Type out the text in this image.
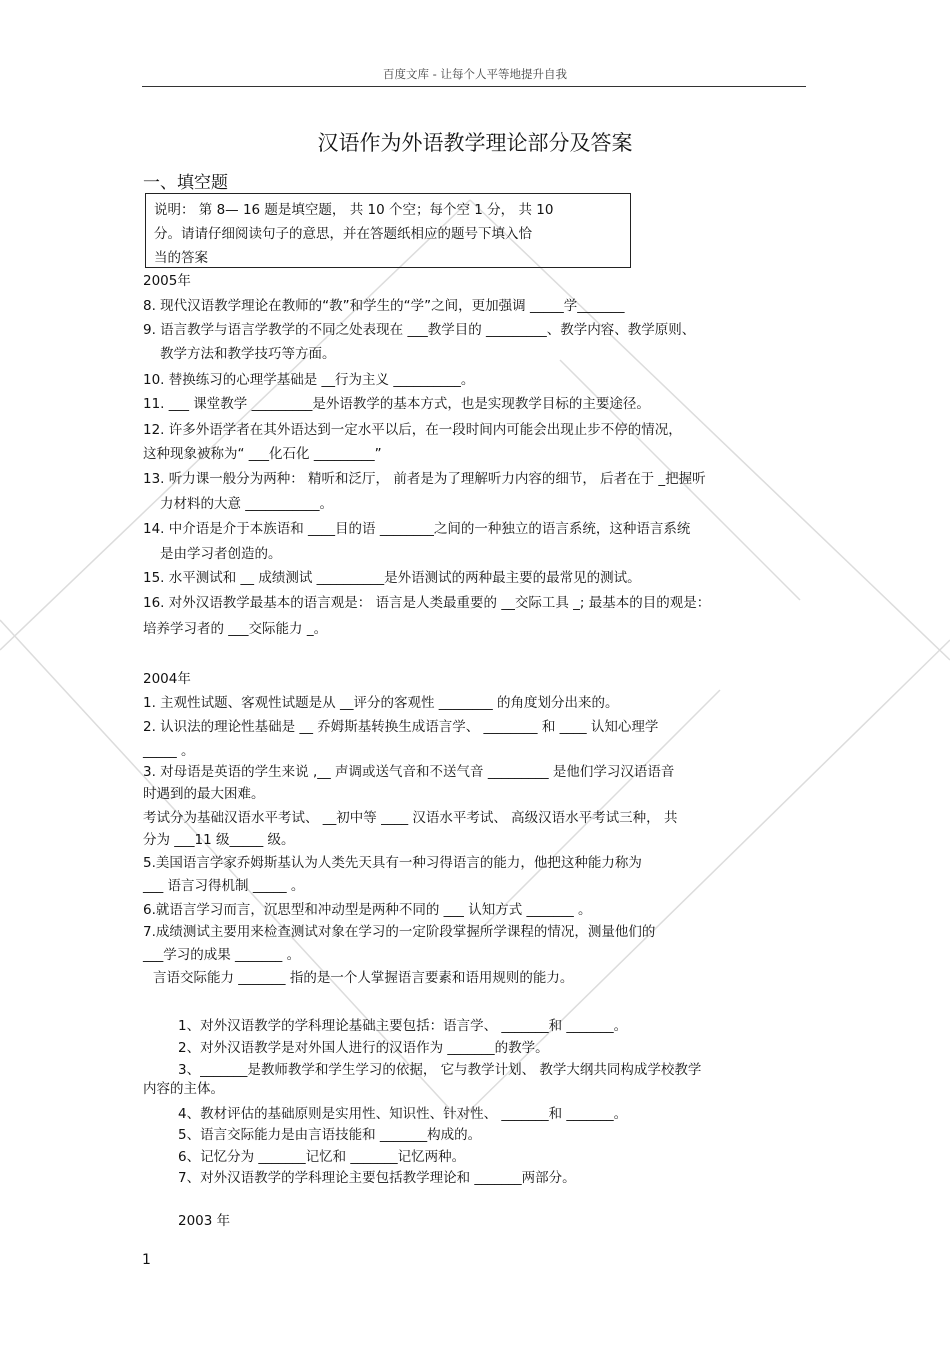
百度文库 - 让每个人平等地提升自我
汉语作为外语教学理论部分及答案
一、填空题
说明： 第 8— 16 题是填空题， 共 10 个空；每个空 1 分， 共 10
分。请请仔细阅读句子的意思，并在答题纸相应的题号下填入恰
当的答案
2005年
8. 现代汉语教学理论在教师的“教”和学生的“学”之间，更加强调 _____学_______
9. 语言教学与语言学教学的不同之处表现在 ___教学目的 _________、教学内容、教学原则、
教学方法和教学技巧等方面。
10. 替换练习的心理学基础是 __行为主义 __________。
11. ___ 课堂教学 _________是外语教学的基本方式，也是实现教学目标的主要途径。
12. 许多外语学者在其外语达到一定水平以后，在一段时间内可能会出现止步不停的情况，
这种现象被称为“ ___化石化 _________”
13. 听力课一般分为两种： 精听和泛厅， 前者是为了理解听力内容的细节， 后者在于 _把握听
力材料的大意 ___________。
14. 中介语是介于本族语和 ____目的语 ________之间的一种独立的语言系统，这种语言系统
是由学习者创造的。
15. 水平测试和 __ 成绩测试 __________是外语测试的两种最主要的最常见的测试。
16. 对外汉语教学最基本的语言观是： 语言是人类最重要的 __交际工具 _; 最基本的目的观是：
培养学习者的 ___交际能力 _。
2004年
1. 主观性试题、客观性试题是从 __评分的客观性 ________ 的角度划分出来的。
2. 认识法的理论性基础是 __ 乔姆斯基转换生成语言学、 ________ 和 ____ 认知心理学
_____ 。
3. 对母语是英语的学生来说 ,__ 声调或送气音和不送气音 _________ 是他们学习汉语语音
时遇到的最大困难。
考试分为基础汉语水平考试、 __初中等 ____ 汉语水平考试、 高级汉语水平考试三种， 共
分为 ___11 级_____ 级。
5.美国语言学家乔姆斯基认为人类先天具有一种习得语言的能力，他把这种能力称为
___ 语言习得机制 _____ 。
6.就语言学习而言，沉思型和冲动型是两种不同的 ___ 认知方式 _______ 。
7.成绩测试主要用来检查测试对象在学习的一定阶段掌握所学课程的情况，测量他们的
___学习的成果 _______ 。
言语交际能力 _______ 指的是一个人掌握语言要素和语用规则的能力。
1、对外汉语教学的学科理论基础主要包括：语言学、 _______和 _______。
2、对外汉语教学是对外国人进行的汉语作为 _______的教学。
3、_______是教师教学和学生学习的依据， 它与教学计划、 教学大纲共同构成学校教学
内容的主体。
4、教材评估的基础原则是实用性、知识性、针对性、 _______和 _______。
5、语言交际能力是由言语技能和 _______构成的。
6、记忆分为 _______记忆和 _______记忆两种。
7、对外汉语教学的学科理论主要包括教学理论和 _______两部分。
2003 年
1
